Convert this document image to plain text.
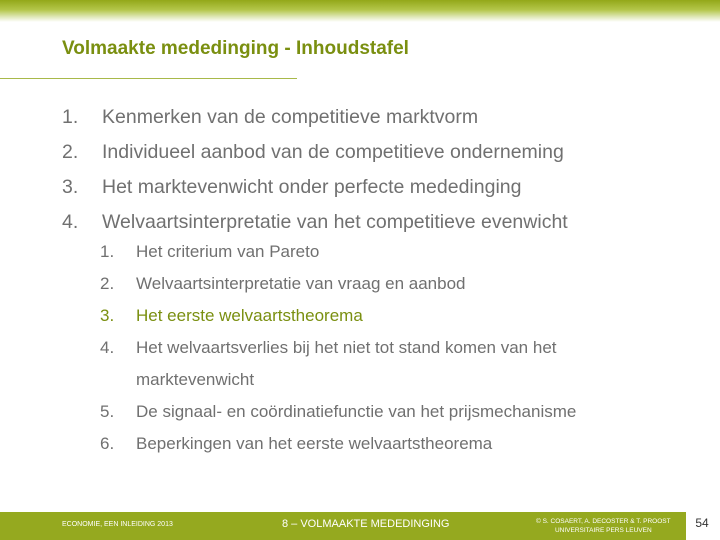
Volmaakte mededinging - Inhoudstafel
1.	Kenmerken van de competitieve marktvorm
2.	Individueel aanbod van de competitieve onderneming
3.	Het marktevenwicht onder perfecte mededinging
4.	Welvaartsinterpretatie van het competitieve evenwicht
1.	Het criterium van Pareto
2.	Welvaartsinterpretatie van vraag en aanbod
3.	Het eerste welvaartstheorema
4.	Het welvaartsverlies bij het niet tot stand komen van het marktevenwicht
5.	De signaal- en coördinatiefunctie van het prijsmechanisme
6.	Beperkingen van het eerste welvaartstheorema
ECONOMIE, EEN INLEIDING 2013	8 – VOLMAAKTE MEDEDINGING	© S. COSAERT, A. DECOSTER & T. PROOST
UNIVERSITAIRE PERS LEUVEN
54
